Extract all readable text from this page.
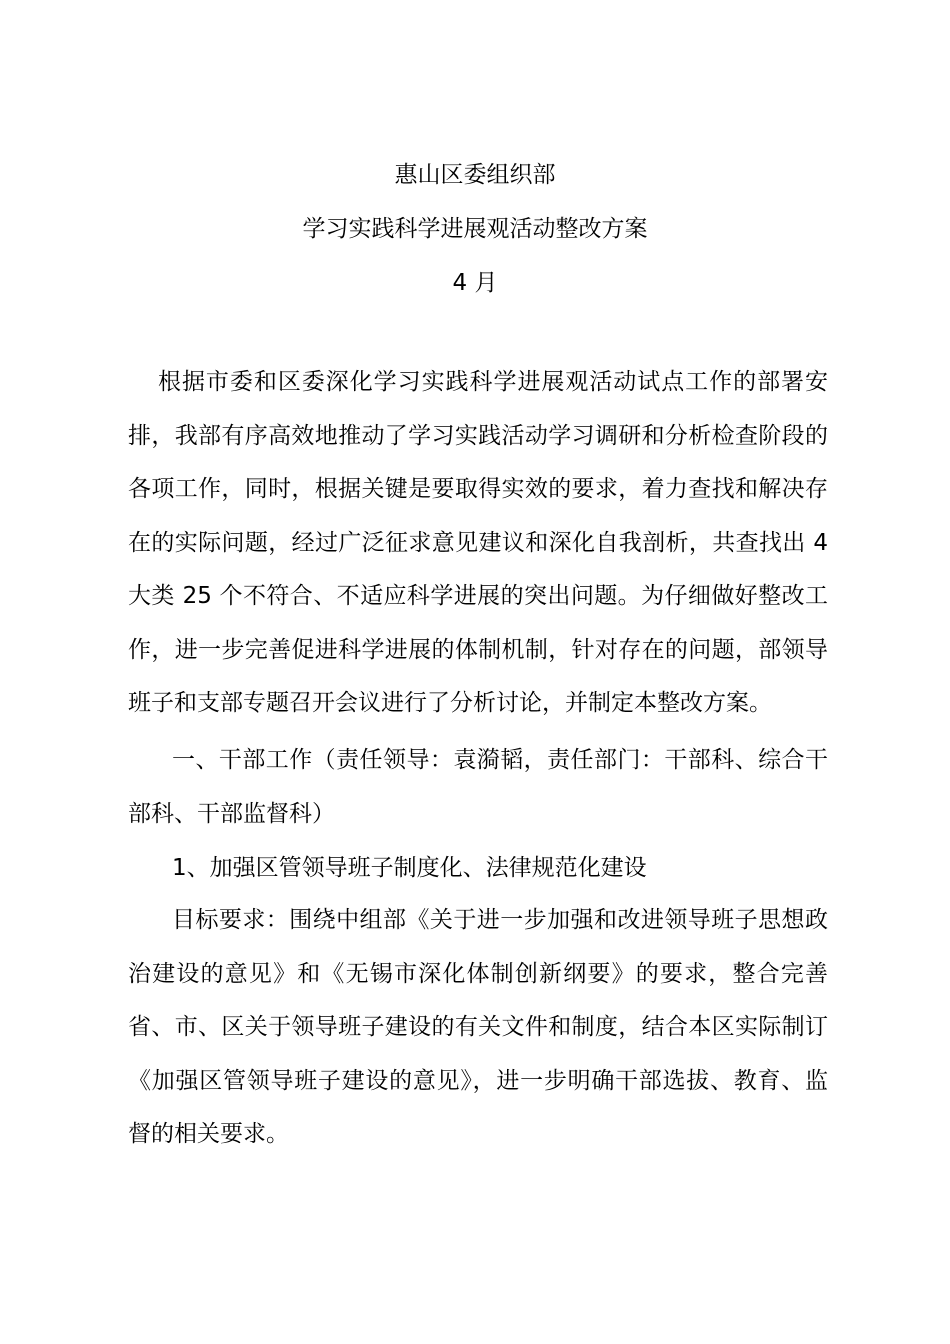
惠山区委组织部
学习实践科学进展观活动整改方案
4 月

根据市委和区委深化学习实践科学进展观活动试点工作的部署安排，我部有序高效地推动了学习实践活动学习调研和分析检查阶段的各项工作，同时，根据关键是要取得实效的要求，着力查找和解决存在的实际问题，经过广泛征求意见建议和深化自我剖析，共查找出 4 大类 25 个不符合、不适应科学进展的突出问题。为仔细做好整改工作，进一步完善促进科学进展的体制机制，针对存在的问题，部领导班子和支部专题召开会议进行了分析讨论，并制定本整改方案。

一、干部工作（责任领导：袁漪韬，责任部门：干部科、综合干部科、干部监督科）

1、加强区管领导班子制度化、法律规范化建设

目标要求：围绕中组部《关于进一步加强和改进领导班子思想政治建设的意见》和《无锡市深化体制创新纲要》的要求，整合完善省、市、区关于领导班子建设的有关文件和制度，结合本区实际制订《加强区管领导班子建设的意见》，进一步明确干部选拔、教育、监督的相关要求。
